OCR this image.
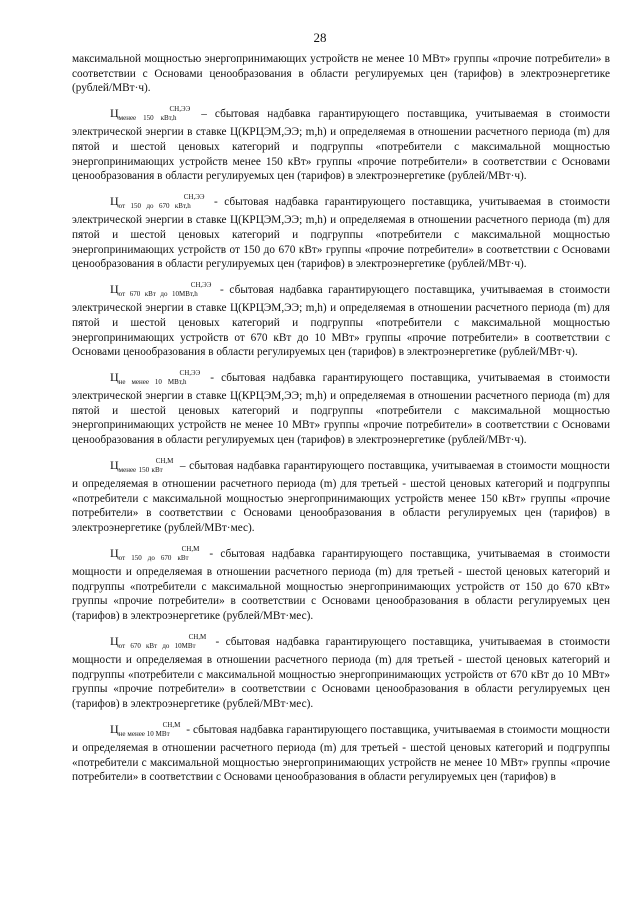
28

максимальной мощностью энергопринимающих устройств не менее 10 МВт» группы «прочие потребители» в соответствии с Основами ценообразования в области регулируемых цен (тарифов) в электроэнергетике (рублей/МВт·ч).

$Ц_{менее 150 кВт,h}^{СН,ЭЭ}$ – сбытовая надбавка гарантирующего поставщика, учитываемая в стоимости электрической энергии в ставке Ц(КРЦЭМ,ЭЭ; m,h) и определяемая в отношении расчетного периода (m) для пятой и шестой ценовых категорий и подгруппы «потребители с максимальной мощностью энергопринимающих устройств менее 150 кВт» группы «прочие потребители» в соответствии с Основами ценообразования в области регулируемых цен (тарифов) в электроэнергетике (рублей/МВт·ч).

$Ц_{от 150 до 670 кВт,h}^{СН,ЭЭ}$ - сбытовая надбавка гарантирующего поставщика, учитываемая в стоимости электрической энергии в ставке Ц(КРЦЭМ,ЭЭ; m,h) и определяемая в отношении расчетного периода (m) для пятой и шестой ценовых категорий и подгруппы «потребители с максимальной мощностью энергопринимающих устройств от 150 до 670 кВт» группы «прочие потребители» в соответствии с Основами ценообразования в области регулируемых цен (тарифов) в электроэнергетике (рублей/МВт·ч).

$Ц_{от 670 кВт до 10МВт,h}^{СН,ЭЭ}$ - сбытовая надбавка гарантирующего поставщика, учитываемая в стоимости электрической энергии в ставке Ц(КРЦЭМ,ЭЭ; m,h) и определяемая в отношении расчетного периода (m) для пятой и шестой ценовых категорий и подгруппы «потребители с максимальной мощностью энергопринимающих устройств от 670 кВт до 10 МВт» группы «прочие потребители» в соответствии с Основами ценообразования в области регулируемых цен (тарифов) в электроэнергетике (рублей/МВт·ч).

$Ц_{не менее 10 МВт,h}^{СН,ЭЭ}$ - сбытовая надбавка гарантирующего поставщика, учитываемая в стоимости электрической энергии в ставке Ц(КРЦЭМ,ЭЭ; m,h) и определяемая в отношении расчетного периода (m) для пятой и шестой ценовых категорий и подгруппы «потребители с максимальной мощностью энергопринимающих устройств не менее 10 МВт» группы «прочие потребители» в соответствии с Основами ценообразования в области регулируемых цен (тарифов) в электроэнергетике (рублей/МВт·ч).

$Ц_{менее 150 кВт}^{СН,М}$ – сбытовая надбавка гарантирующего поставщика, учитываемая в стоимости мощности и определяемая в отношении расчетного периода (m) для третьей - шестой ценовых категорий и подгруппы «потребители с максимальной мощностью энергопринимающих устройств менее 150 кВт» группы «прочие потребители» в соответствии с Основами ценообразования в области регулируемых цен (тарифов) в электроэнергетике (рублей/МВт·мес).

$Ц_{от 150 до 670 кВт}^{СН,М}$ - сбытовая надбавка гарантирующего поставщика, учитываемая в стоимости мощности и определяемая в отношении расчетного периода (m) для третьей - шестой ценовых категорий и подгруппы «потребители с максимальной мощностью энергопринимающих устройств от 150 до 670 кВт» группы «прочие потребители» в соответствии с Основами ценообразования в области регулируемых цен (тарифов) в электроэнергетике (рублей/МВт·мес).

$Ц_{от 670 кВт до 10МВт}^{СН,М}$ - сбытовая надбавка гарантирующего поставщика, учитываемая в стоимости мощности и определяемая в отношении расчетного периода (m) для третьей - шестой ценовых категорий и подгруппы «потребители с максимальной мощностью энергопринимающих устройств от 670 кВт до 10 МВт» группы «прочие потребители» в соответствии с Основами ценообразования в области регулируемых цен (тарифов) в электроэнергетике (рублей/МВт·мес).

$Ц_{не менее 10 МВт}^{СН,М}$ - сбытовая надбавка гарантирующего поставщика, учитываемая в стоимости мощности и определяемая в отношении расчетного периода (m) для третьей - шестой ценовых категорий и подгруппы «потребители с максимальной мощностью энергопринимающих устройств не менее 10 МВт» группы «прочие потребители» в соответствии с Основами ценообразования в области регулируемых цен (тарифов) в
